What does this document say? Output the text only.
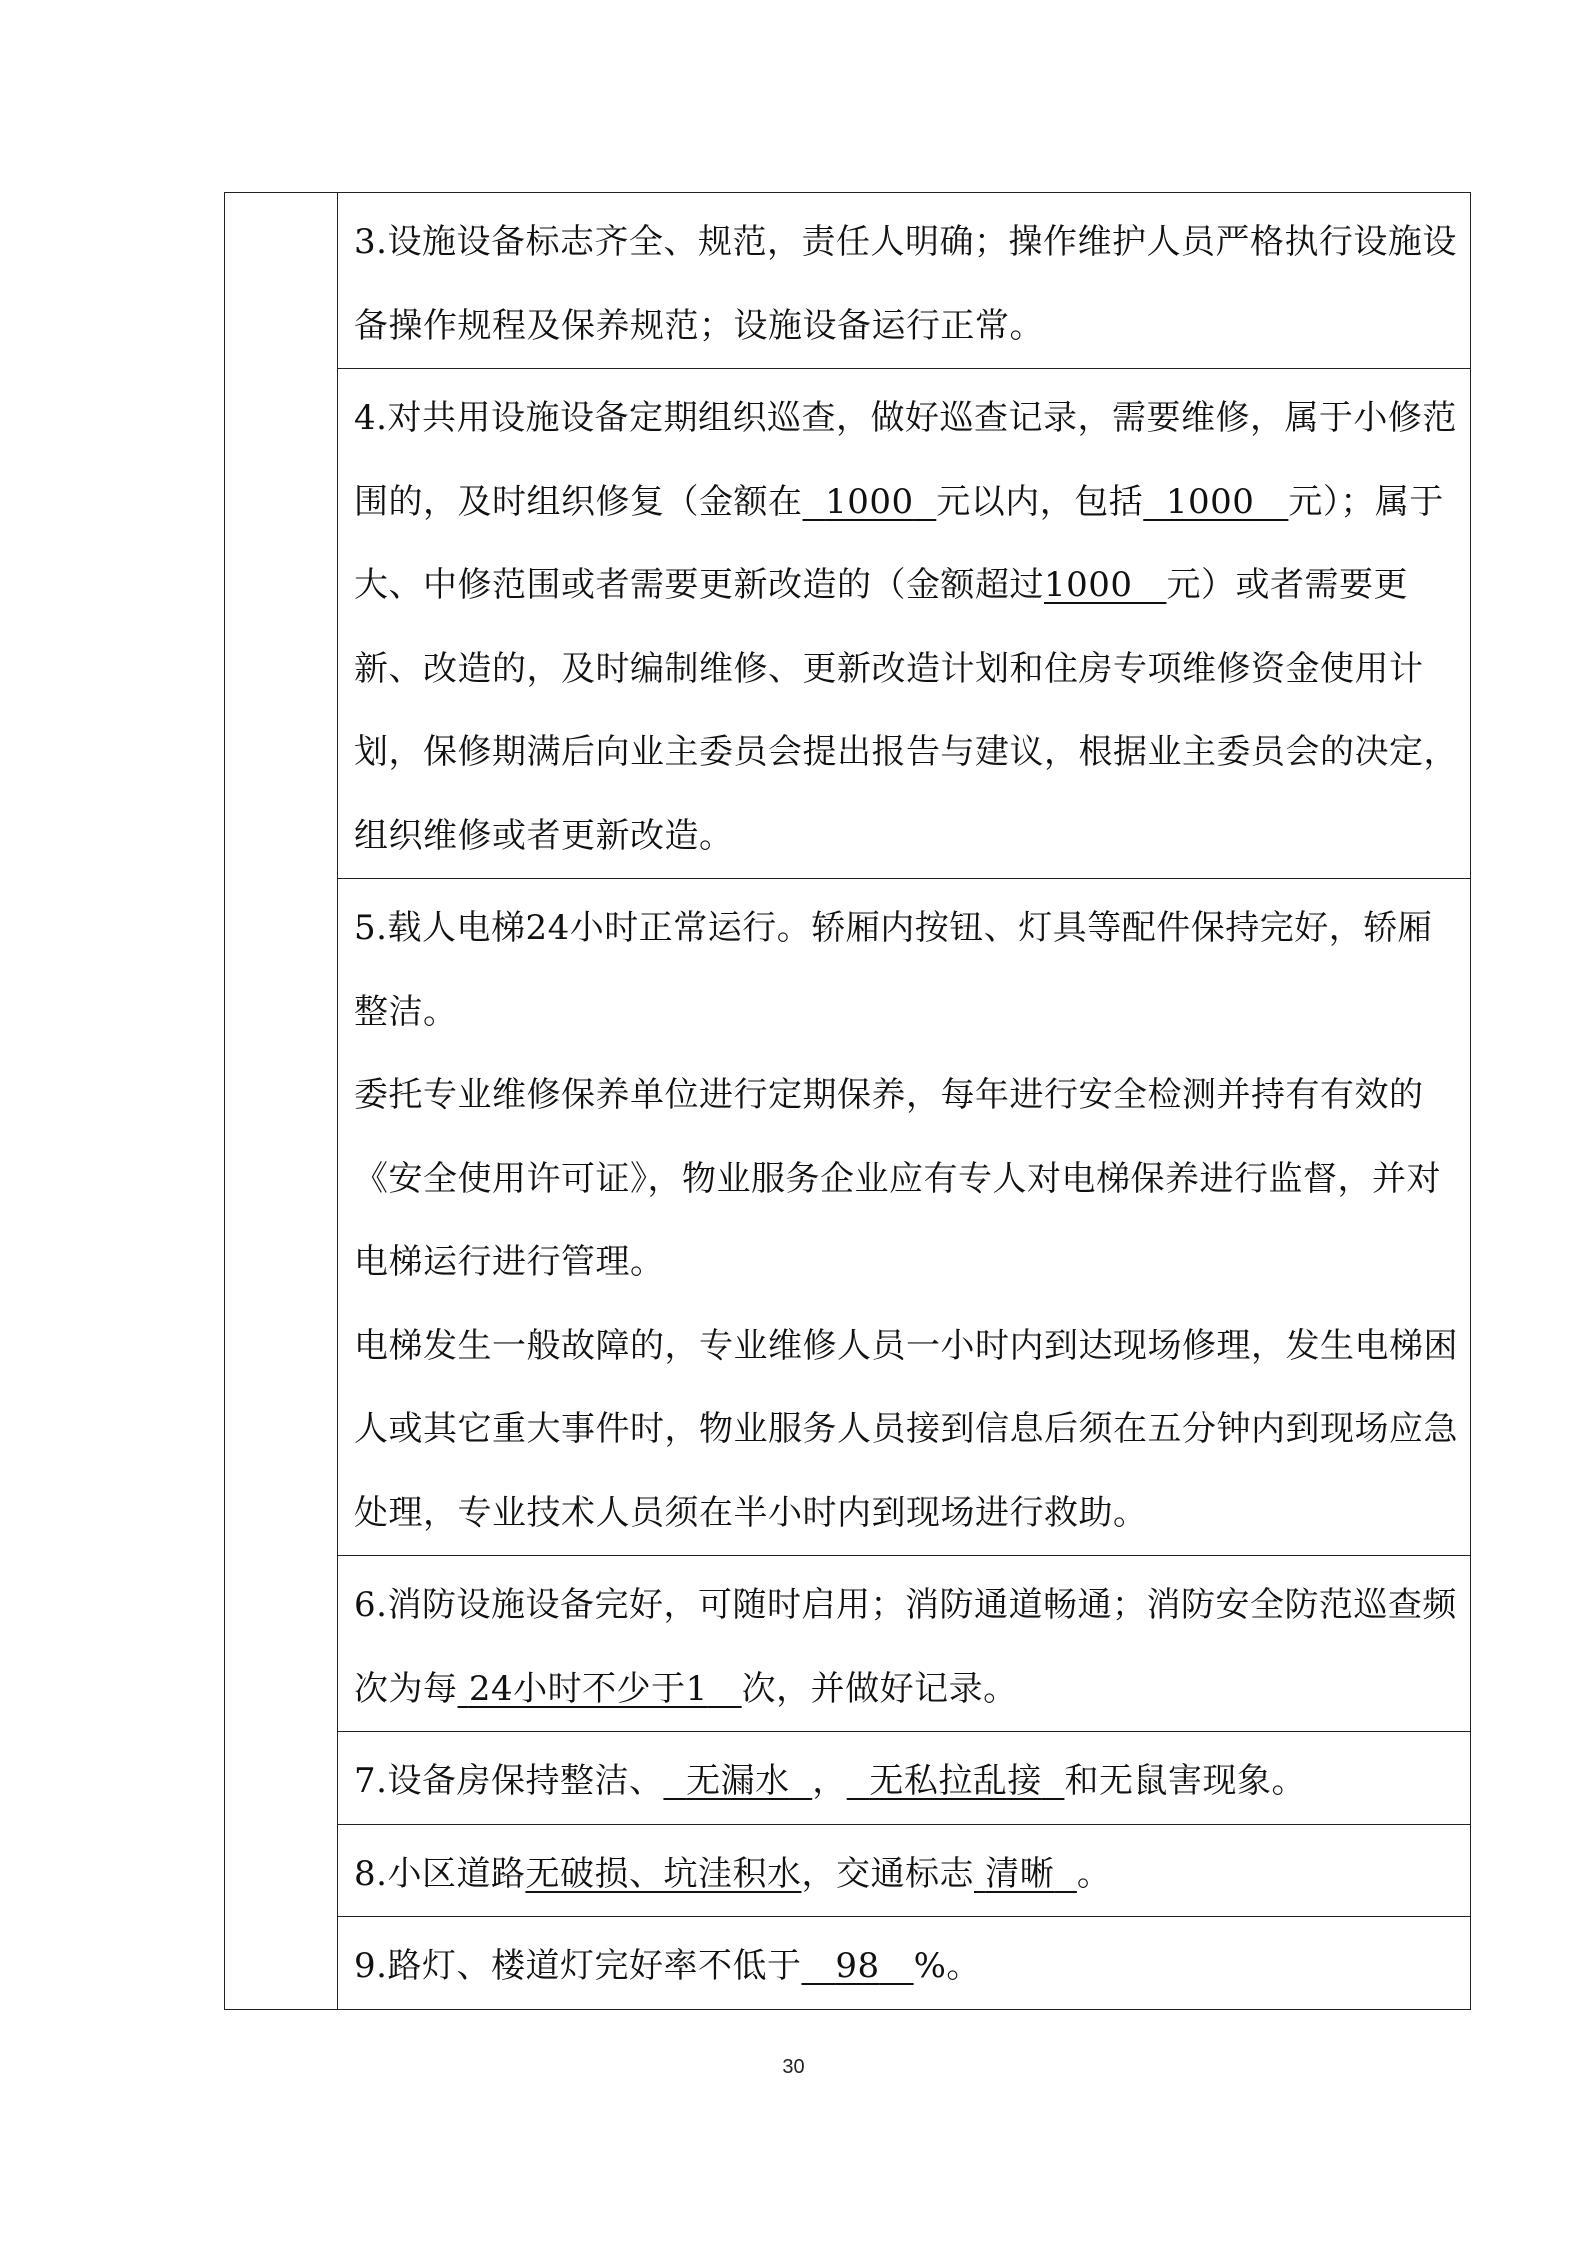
3.设施设备标志齐全、规范，责任人明确；操作维护人员严格执行设施设备操作规程及保养规范；设施设备运行正常。

4.对共用设施设备定期组织巡查，做好巡查记录，需要维修，属于小修范围的，及时组织修复（金额在 1000 元以内，包括 1000 元）；属于大、中修范围或者需要更新改造的（金额超过1000 元）或者需要更新、改造的，及时编制维修、更新改造计划和住房专项维修资金使用计划，保修期满后向业主委员会提出报告与建议，根据业主委员会的决定，组织维修或者更新改造。

5.载人电梯24小时正常运行。轿厢内按钮、灯具等配件保持完好，轿厢整洁。

委托专业维修保养单位进行定期保养，每年进行安全检测并持有有效的《安全使用许可证》，物业服务企业应有专人对电梯保养进行监督，并对电梯运行进行管理。

电梯发生一般故障的，专业维修人员一小时内到达现场修理，发生电梯困人或其它重大事件时，物业服务人员接到信息后须在五分钟内到现场应急处理，专业技术人员须在半小时内到现场进行救助。

6.消防设施设备完好，可随时启用；消防通道畅通；消防安全防范巡查频次为每 24小时不少于1 次，并做好记录。

7.设备房保持整洁、 无漏水 ， 无私拉乱接 和无鼠害现象。

8.小区道路无破损、坑洼积水，交通标志 清晰 。

9.路灯、楼道灯完好率不低于 98 %。

30
